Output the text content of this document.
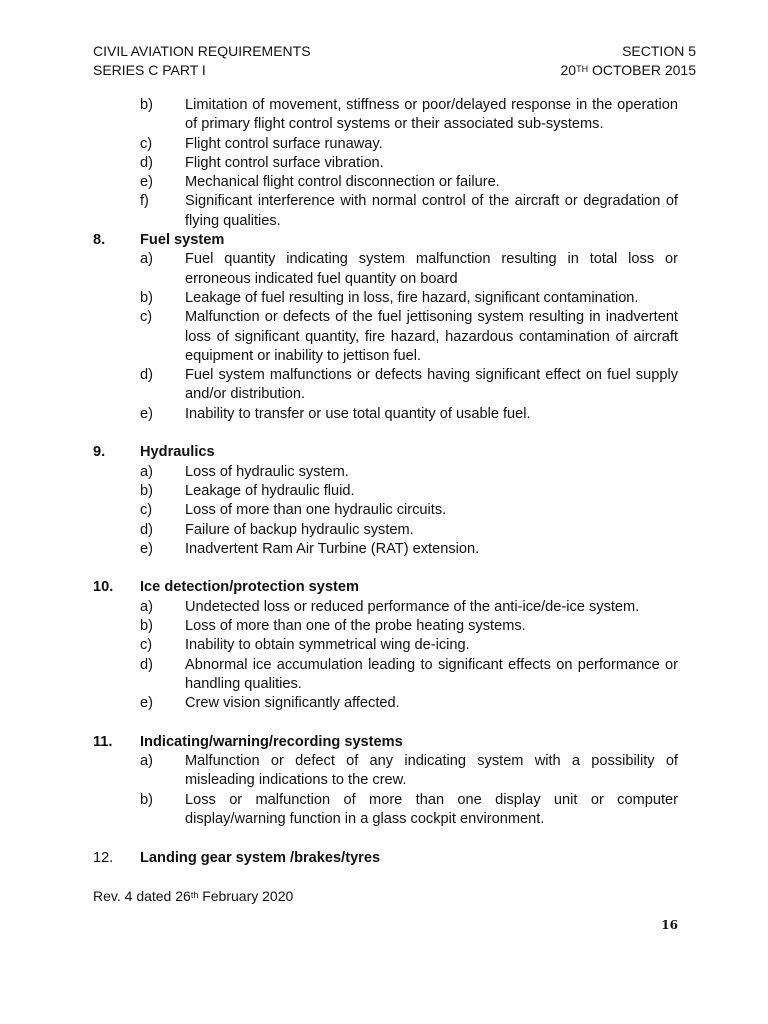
CIVIL AVIATION REQUIREMENTS	SECTION 5
SERIES C PART I	20TH OCTOBER 2015
b)	Limitation of movement, stiffness or poor/delayed response in the operation of primary flight control systems or their associated sub-systems.
c)	Flight control surface runaway.
d)	Flight control surface vibration.
e)	Mechanical flight control disconnection or failure.
f)	Significant interference with normal control of the aircraft or degradation of flying qualities.
8.	Fuel system
a)	Fuel quantity indicating system malfunction resulting in total loss or erroneous indicated fuel quantity on board
b)	Leakage of fuel resulting in loss, fire hazard, significant contamination.
c)	Malfunction or defects of the fuel jettisoning system resulting in inadvertent loss of significant quantity, fire hazard, hazardous contamination of aircraft equipment or inability to jettison fuel.
d)	Fuel system malfunctions or defects having significant effect on fuel supply and/or distribution.
e)	Inability to transfer or use total quantity of usable fuel.
9.	Hydraulics
a)	Loss of hydraulic system.
b)	Leakage of hydraulic fluid.
c)	Loss of more than one hydraulic circuits.
d)	Failure of backup hydraulic system.
e)	Inadvertent Ram Air Turbine (RAT) extension.
10.	Ice detection/protection system
a)	Undetected loss or reduced performance of the anti-ice/de-ice system.
b)	Loss of more than one of the probe heating systems.
c)	Inability to obtain symmetrical wing de-icing.
d)	Abnormal ice accumulation leading to significant effects on performance or handling qualities.
e)	Crew vision significantly affected.
11.	Indicating/warning/recording systems
a)	Malfunction or defect of any indicating system with a possibility of misleading indications to the crew.
b)	Loss or malfunction of more than one display unit or computer display/warning function in a glass cockpit environment.
12.	Landing gear system /brakes/tyres
Rev. 4 dated 26th February 2020
16
